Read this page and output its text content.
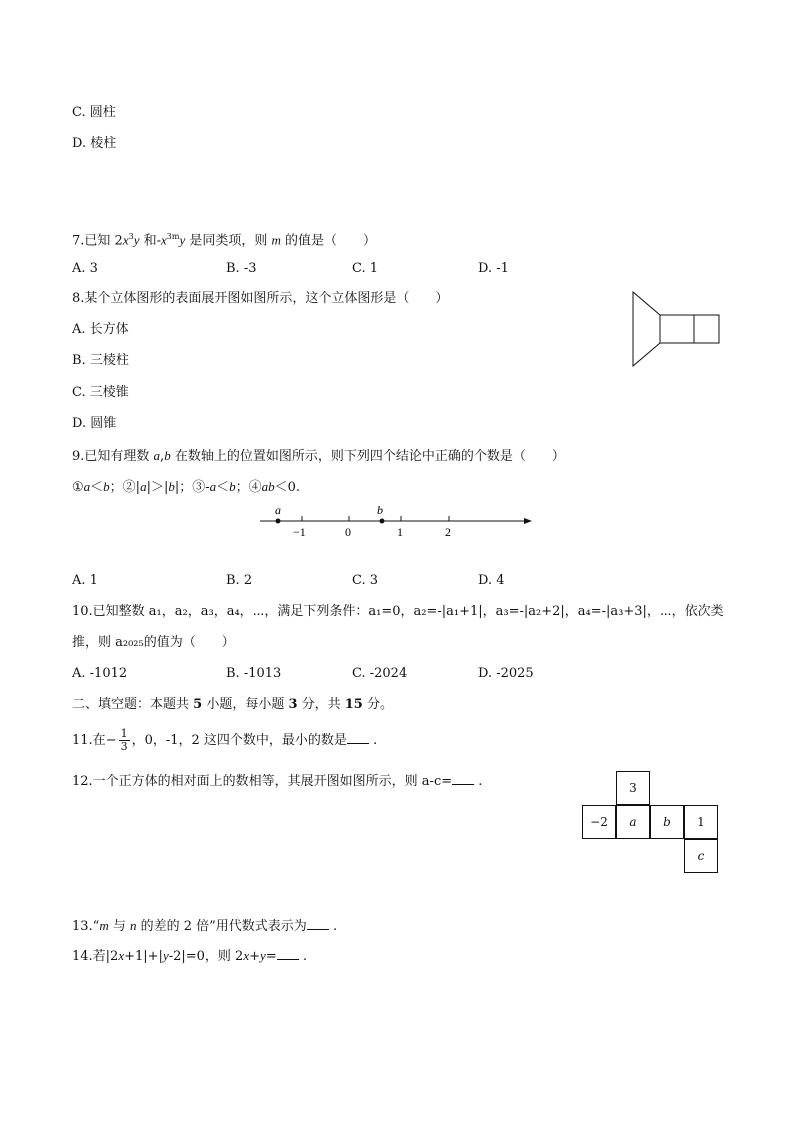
C. 圆柱
D. 棱柱
7.已知 $2x^3y$ 和$-x^{3m}y$ 是同类项，则 m 的值是（　　）
A. 3	B. -3	C. 1	D. -1
8.某个立体图形的表面展开图如图所示，这个立体图形是（　　）
A. 长方体
B. 三棱柱
C. 三棱锥
D. 圆锥
9.已知有理数 a,b 在数轴上的位置如图所示，则下列四个结论中正确的个数是（　　）
①a＜b；②|a|＞|b|；③-a＜b；④ab＜0.
a	b
−1	0	1	2
A. 1	B. 2	C. 3	D. 4
10.已知整数 a₁，a₂，a₃，a₄，⋯，满足下列条件：a₁=0，a₂=-|a₁+1|，a₃=-|a₂+2|，a₄=-|a₃+3|，⋯，依次类
推，则 a₂₀₂₅的值为（　　）
A. -1012	B. -1013	C. -2024	D. -2025
二、填空题：本题共 5 小题，每小题 3 分，共 15 分。
11.在− $\frac{1}{3}$ ，0，-1，2 这四个数中，最小的数是 .
12.一个正方体的相对面上的数相等，其展开图如图所示，则 a-c= .	3
−2	a	b	1
c
13.“m 与 n 的差的 2 倍”用代数式表示为 .
14.若|2x+1|+|y-2|=0，则 2x+y= .
